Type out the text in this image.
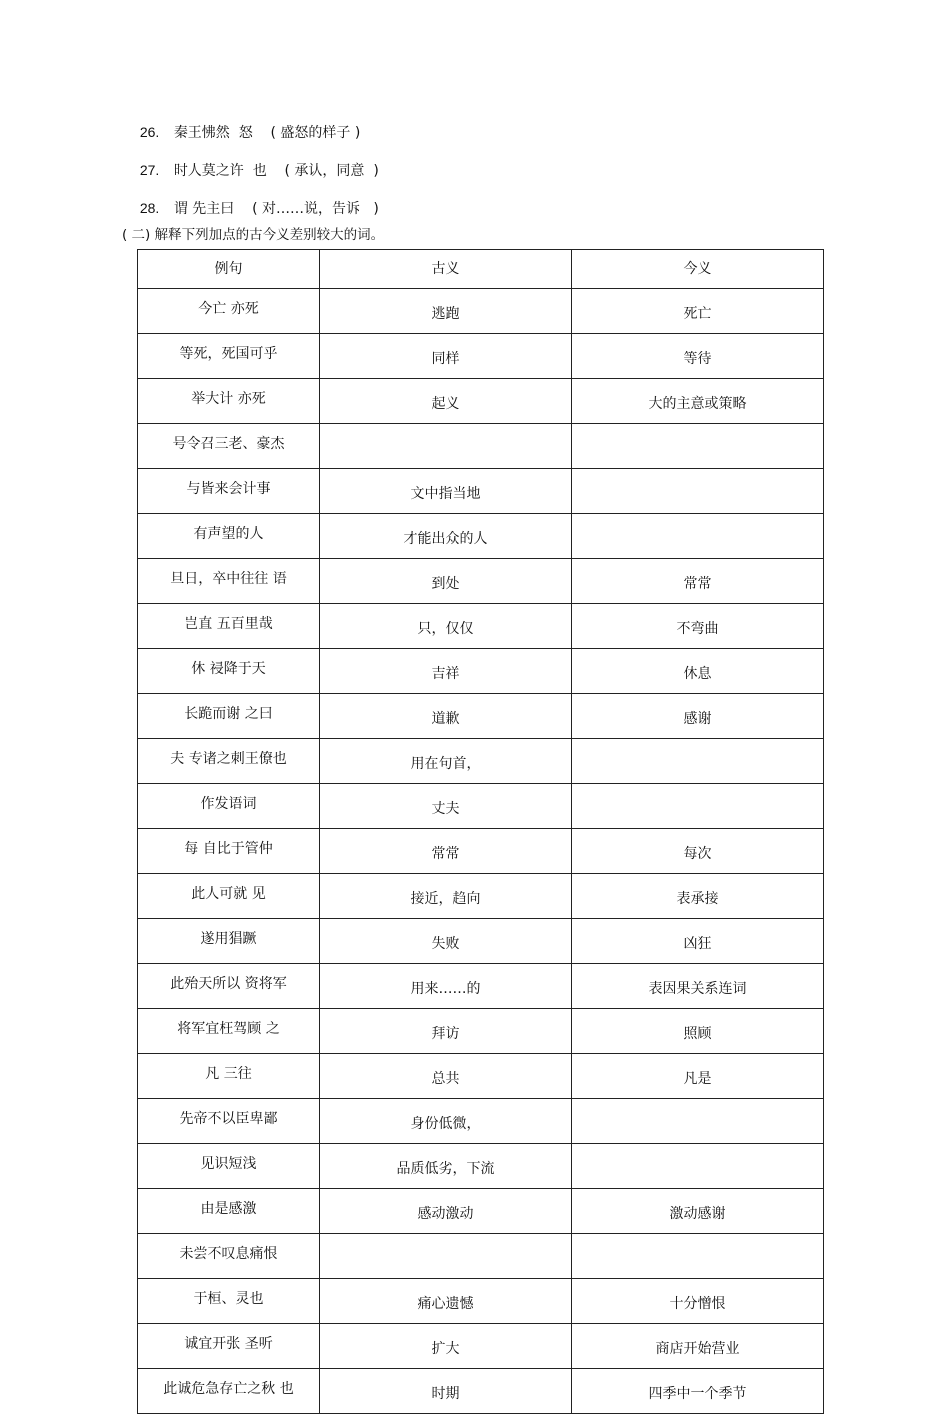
26. 秦王怫然  怒    ( 盛怒的样子 )

27. 时人莫之许  也    ( 承认，同意  )

28. 谓 先主曰    ( 对……说，告诉   )

( 二) 解释下列加点的古今义差别较大的词。
例句	古义	今义
今亡 亦死	逃跑	死亡
等死，死国可乎	同样	等待
举大计 亦死	起义	大的主意或策略
号令召三老、豪杰		
与皆来会计事	文中指当地	
有声望的人	才能出众的人	
旦日，卒中往往 语	到处	常常
岂直 五百里哉	只，仅仅	不弯曲
休 祲降于天	吉祥	休息
长跪而谢 之曰	道歉	感谢
夫 专诸之刺王僚也	用在句首，	
作发语词	丈夫	
每 自比于管仲	常常	每次
此人可就 见	接近，趋向	表承接
遂用猖蹶	失败	凶狂
此殆天所以 资将军	用来……的	表因果关系连词
将军宜枉驾顾 之	拜访	照顾
凡 三往	总共	凡是
先帝不以臣卑鄙	身份低微，	
见识短浅	品质低劣，下流	
由是感激	感动激动	激动感谢
未尝不叹息痛恨		
于桓、灵也	痛心遗憾	十分憎恨
诚宜开张 圣听	扩大	商店开始营业
此诚危急存亡之秋 也	时期	四季中一个季节
